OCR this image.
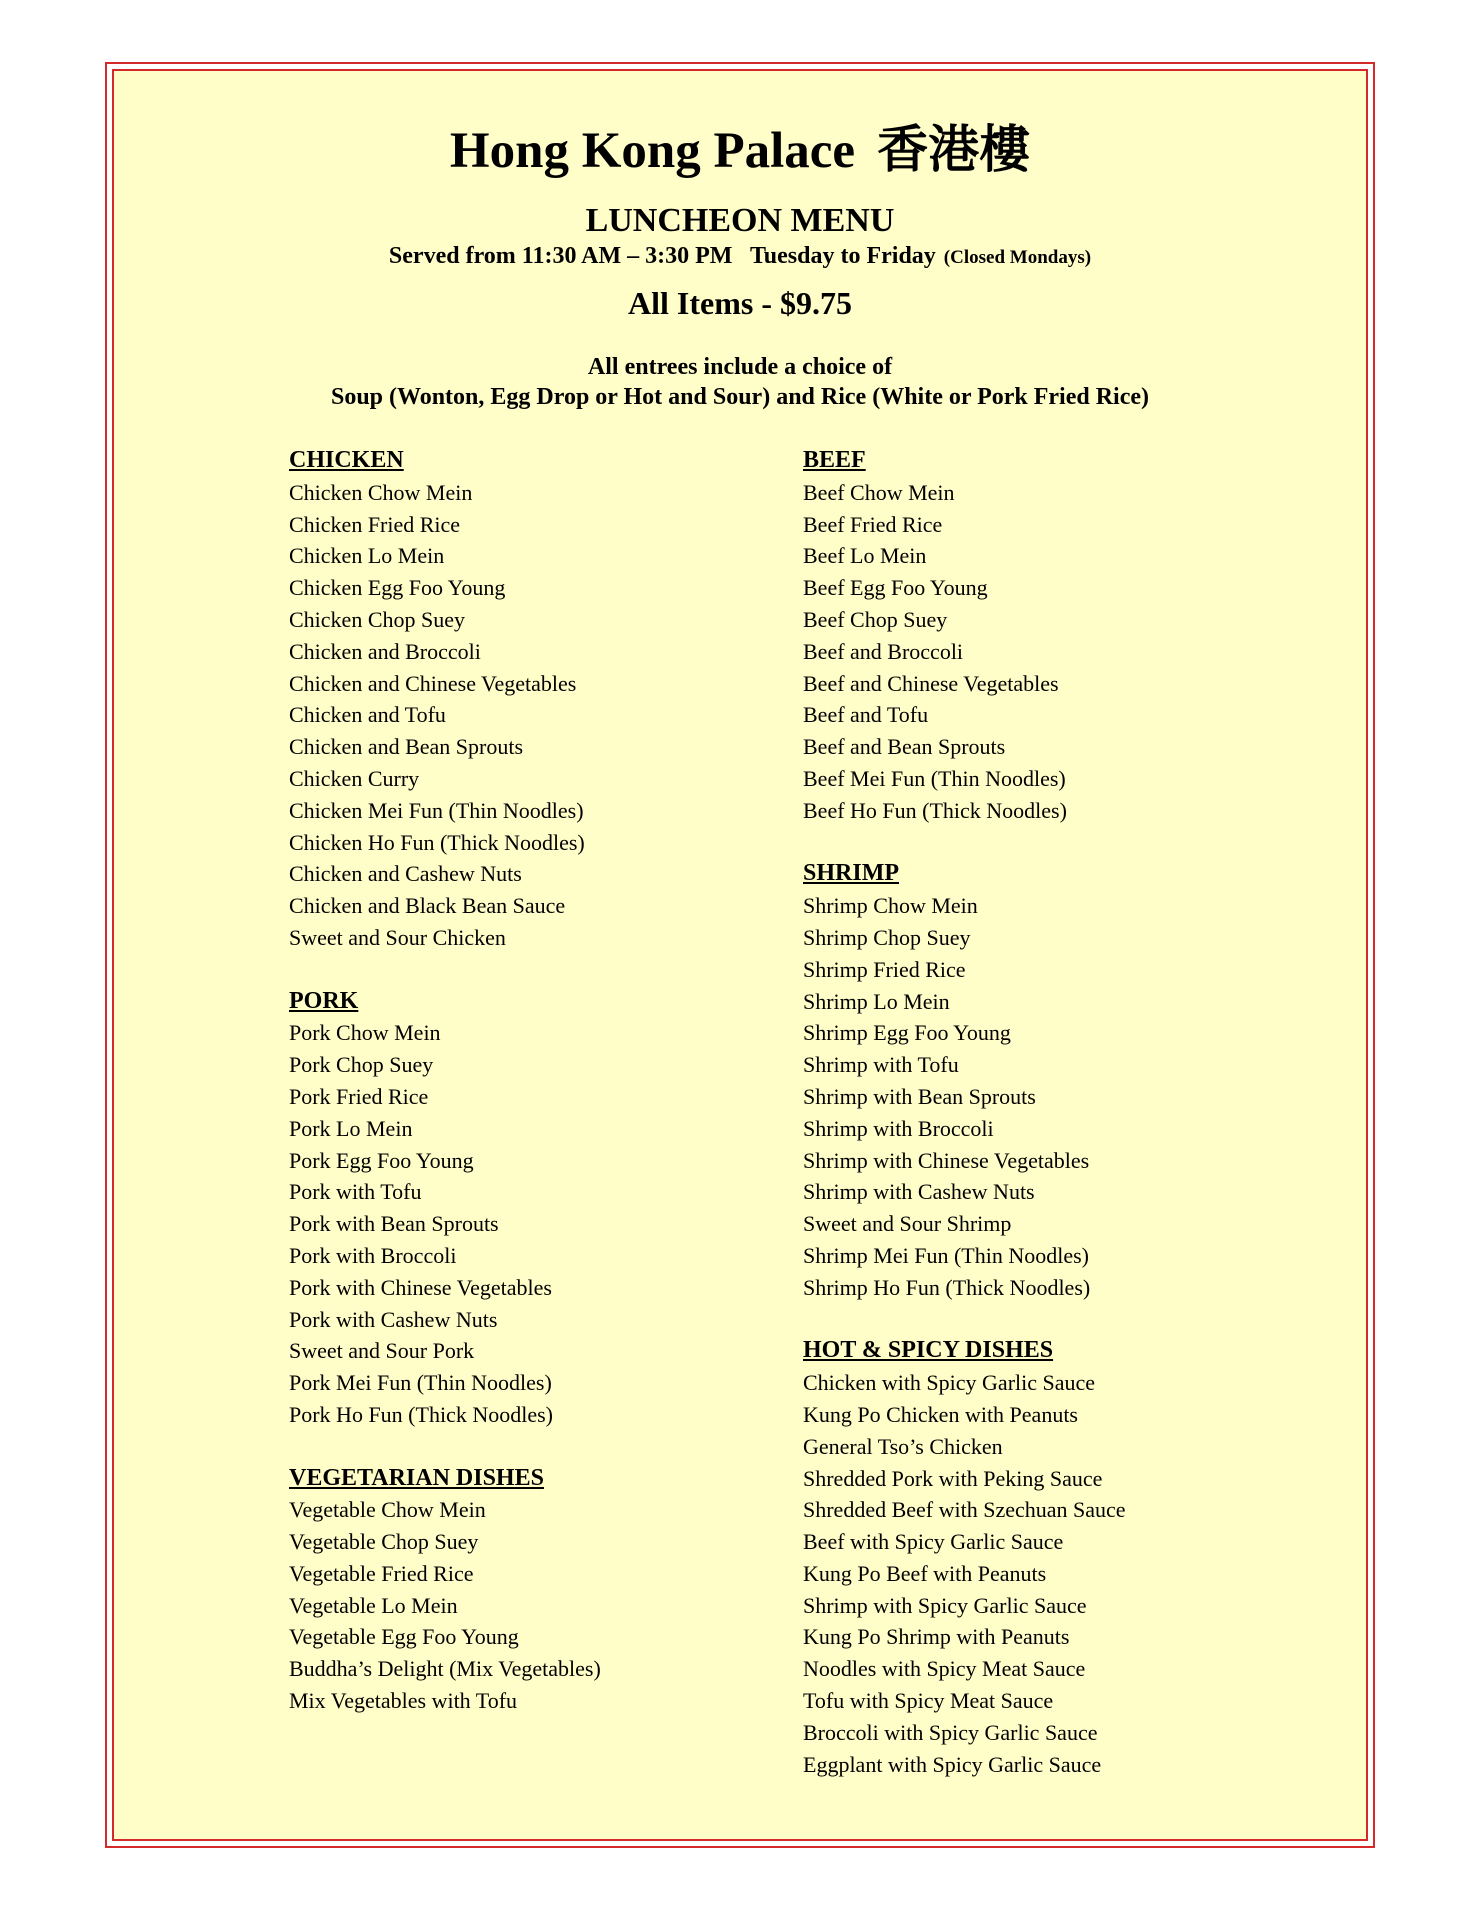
Hong Kong Palace 香港樓
LUNCHEON MENU
Served from 11:30 AM – 3:30 PM   Tuesday to Friday (Closed Mondays)
All Items - $9.75
All entrees include a choice of
Soup (Wonton, Egg Drop or Hot and Sour) and Rice (White or Pork Fried Rice)
CHICKEN
Chicken Chow Mein
Chicken Fried Rice
Chicken Lo Mein
Chicken Egg Foo Young
Chicken Chop Suey
Chicken and Broccoli
Chicken and Chinese Vegetables
Chicken and Tofu
Chicken and Bean Sprouts
Chicken Curry
Chicken Mei Fun (Thin Noodles)
Chicken Ho Fun (Thick Noodles)
Chicken and Cashew Nuts
Chicken and Black Bean Sauce
Sweet and Sour Chicken
PORK
Pork Chow Mein
Pork Chop Suey
Pork Fried Rice
Pork Lo Mein
Pork Egg Foo Young
Pork with Tofu
Pork with Bean Sprouts
Pork with Broccoli
Pork with Chinese Vegetables
Pork with Cashew Nuts
Sweet and Sour Pork
Pork Mei Fun (Thin Noodles)
Pork Ho Fun (Thick Noodles)
VEGETARIAN DISHES
Vegetable Chow Mein
Vegetable Chop Suey
Vegetable Fried Rice
Vegetable Lo Mein
Vegetable Egg Foo Young
Buddha’s Delight (Mix Vegetables)
Mix Vegetables with Tofu
BEEF
Beef Chow Mein
Beef Fried Rice
Beef Lo Mein
Beef Egg Foo Young
Beef Chop Suey
Beef and Broccoli
Beef and Chinese Vegetables
Beef and Tofu
Beef and Bean Sprouts
Beef Mei Fun (Thin Noodles)
Beef Ho Fun (Thick Noodles)
SHRIMP
Shrimp Chow Mein
Shrimp Chop Suey
Shrimp Fried Rice
Shrimp Lo Mein
Shrimp Egg Foo Young
Shrimp with Tofu
Shrimp with Bean Sprouts
Shrimp with Broccoli
Shrimp with Chinese Vegetables
Shrimp with Cashew Nuts
Sweet and Sour Shrimp
Shrimp Mei Fun (Thin Noodles)
Shrimp Ho Fun (Thick Noodles)
HOT & SPICY DISHES
Chicken with Spicy Garlic Sauce
Kung Po Chicken with Peanuts
General Tso’s Chicken
Shredded Pork with Peking Sauce
Shredded Beef with Szechuan Sauce
Beef with Spicy Garlic Sauce
Kung Po Beef with Peanuts
Shrimp with Spicy Garlic Sauce
Kung Po Shrimp with Peanuts
Noodles with Spicy Meat Sauce
Tofu with Spicy Meat Sauce
Broccoli with Spicy Garlic Sauce
Eggplant with Spicy Garlic Sauce
